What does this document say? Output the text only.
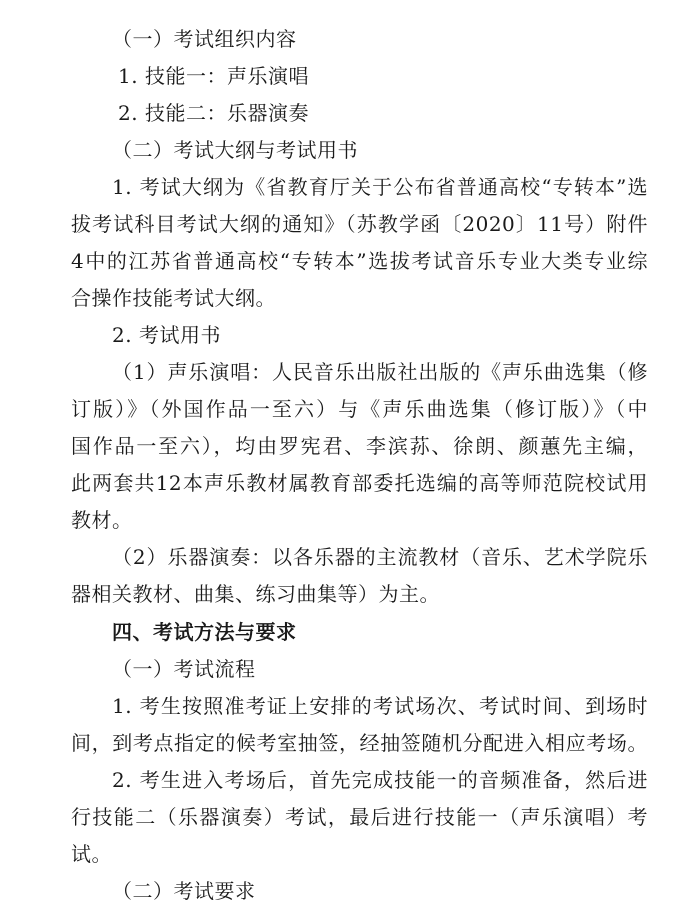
（一）考试组织内容
1. 技能一：声乐演唱
2. 技能二：乐器演奏
（二）考试大纲与考试用书
1. 考试大纲为《省教育厅关于公布省普通高校“专转本”选
拔考试科目考试大纲的通知》（苏教学函〔2020〕11号）附件
4中的江苏省普通高校“专转本”选拔考试音乐专业大类专业综
合操作技能考试大纲。
2. 考试用书
（1）声乐演唱：人民音乐出版社出版的《声乐曲选集（修
订版）》（外国作品一至六）与《声乐曲选集（修订版）》（中
国作品一至六），均由罗宪君、李滨荪、徐朗、颜蕙先主编，
此两套共12本声乐教材属教育部委托选编的高等师范院校试用
教材。
（2）乐器演奏：以各乐器的主流教材（音乐、艺术学院乐
器相关教材、曲集、练习曲集等）为主。
四、考试方法与要求
（一）考试流程
1. 考生按照准考证上安排的考试场次、考试时间、到场时
间，到考点指定的候考室抽签，经抽签随机分配进入相应考场。
2. 考生进入考场后，首先完成技能一的音频准备，然后进
行技能二（乐器演奏）考试，最后进行技能一（声乐演唱）考
试。
（二）考试要求
